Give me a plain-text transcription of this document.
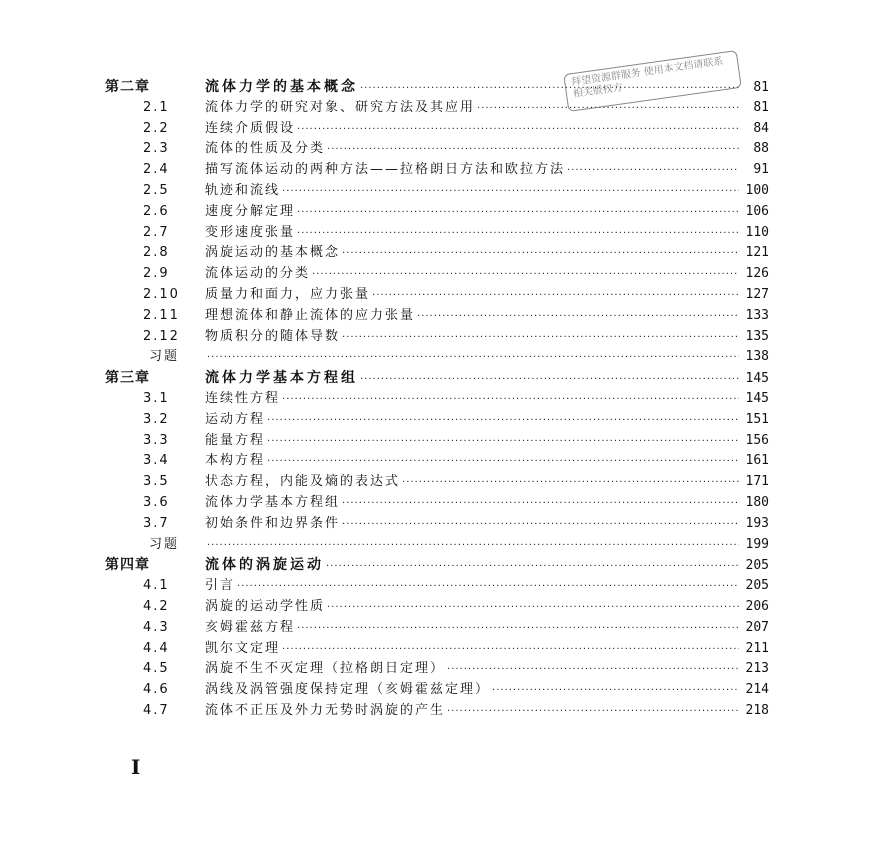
第二章	流体力学的基本概念 ·····	81
2.1	流体力学的研究对象、研究方法及其应用 ·····	81
2.2	连续介质假设 ·····	84
2.3	流体的性质及分类 ·····	88
2.4	描写流体运动的两种方法——拉格朗日方法和欧拉方法 ·····	91
2.5	轨迹和流线 ·····	100
2.6	速度分解定理 ·····	106
2.7	变形速度张量 ·····	110
2.8	涡旋运动的基本概念 ·····	121
2.9	流体运动的分类 ·····	126
2.10	质量力和面力，应力张量 ·····	127
2.11	理想流体和静止流体的应力张量 ·····	133
2.12	物质积分的随体导数 ·····	135
习题 ·····	138
第三章	流体力学基本方程组 ·····	145
3.1	连续性方程 ·····	145
3.2	运动方程 ·····	151
3.3	能量方程 ·····	156
3.4	本构方程 ·····	161
3.5	状态方程，内能及熵的表达式 ·····	171
3.6	流体力学基本方程组 ·····	180
3.7	初始条件和边界条件 ·····	193
习题 ·····	199
第四章	流体的涡旋运动 ·····	205
4.1	引言 ·····	205
4.2	涡旋的运动学性质 ·····	206
4.3	亥姆霍兹方程 ·····	207
4.4	凯尔文定理 ·····	211
4.5	涡旋不生不灭定理（拉格朗日定理） ·····	213
4.6	涡线及涡管强度保持定理（亥姆霍兹定理） ·····	214
4.7	流体不正压及外力无势时涡旋的产生 ·····	218
拜望资源群服务 使用本文档请联系相关版权方
I
